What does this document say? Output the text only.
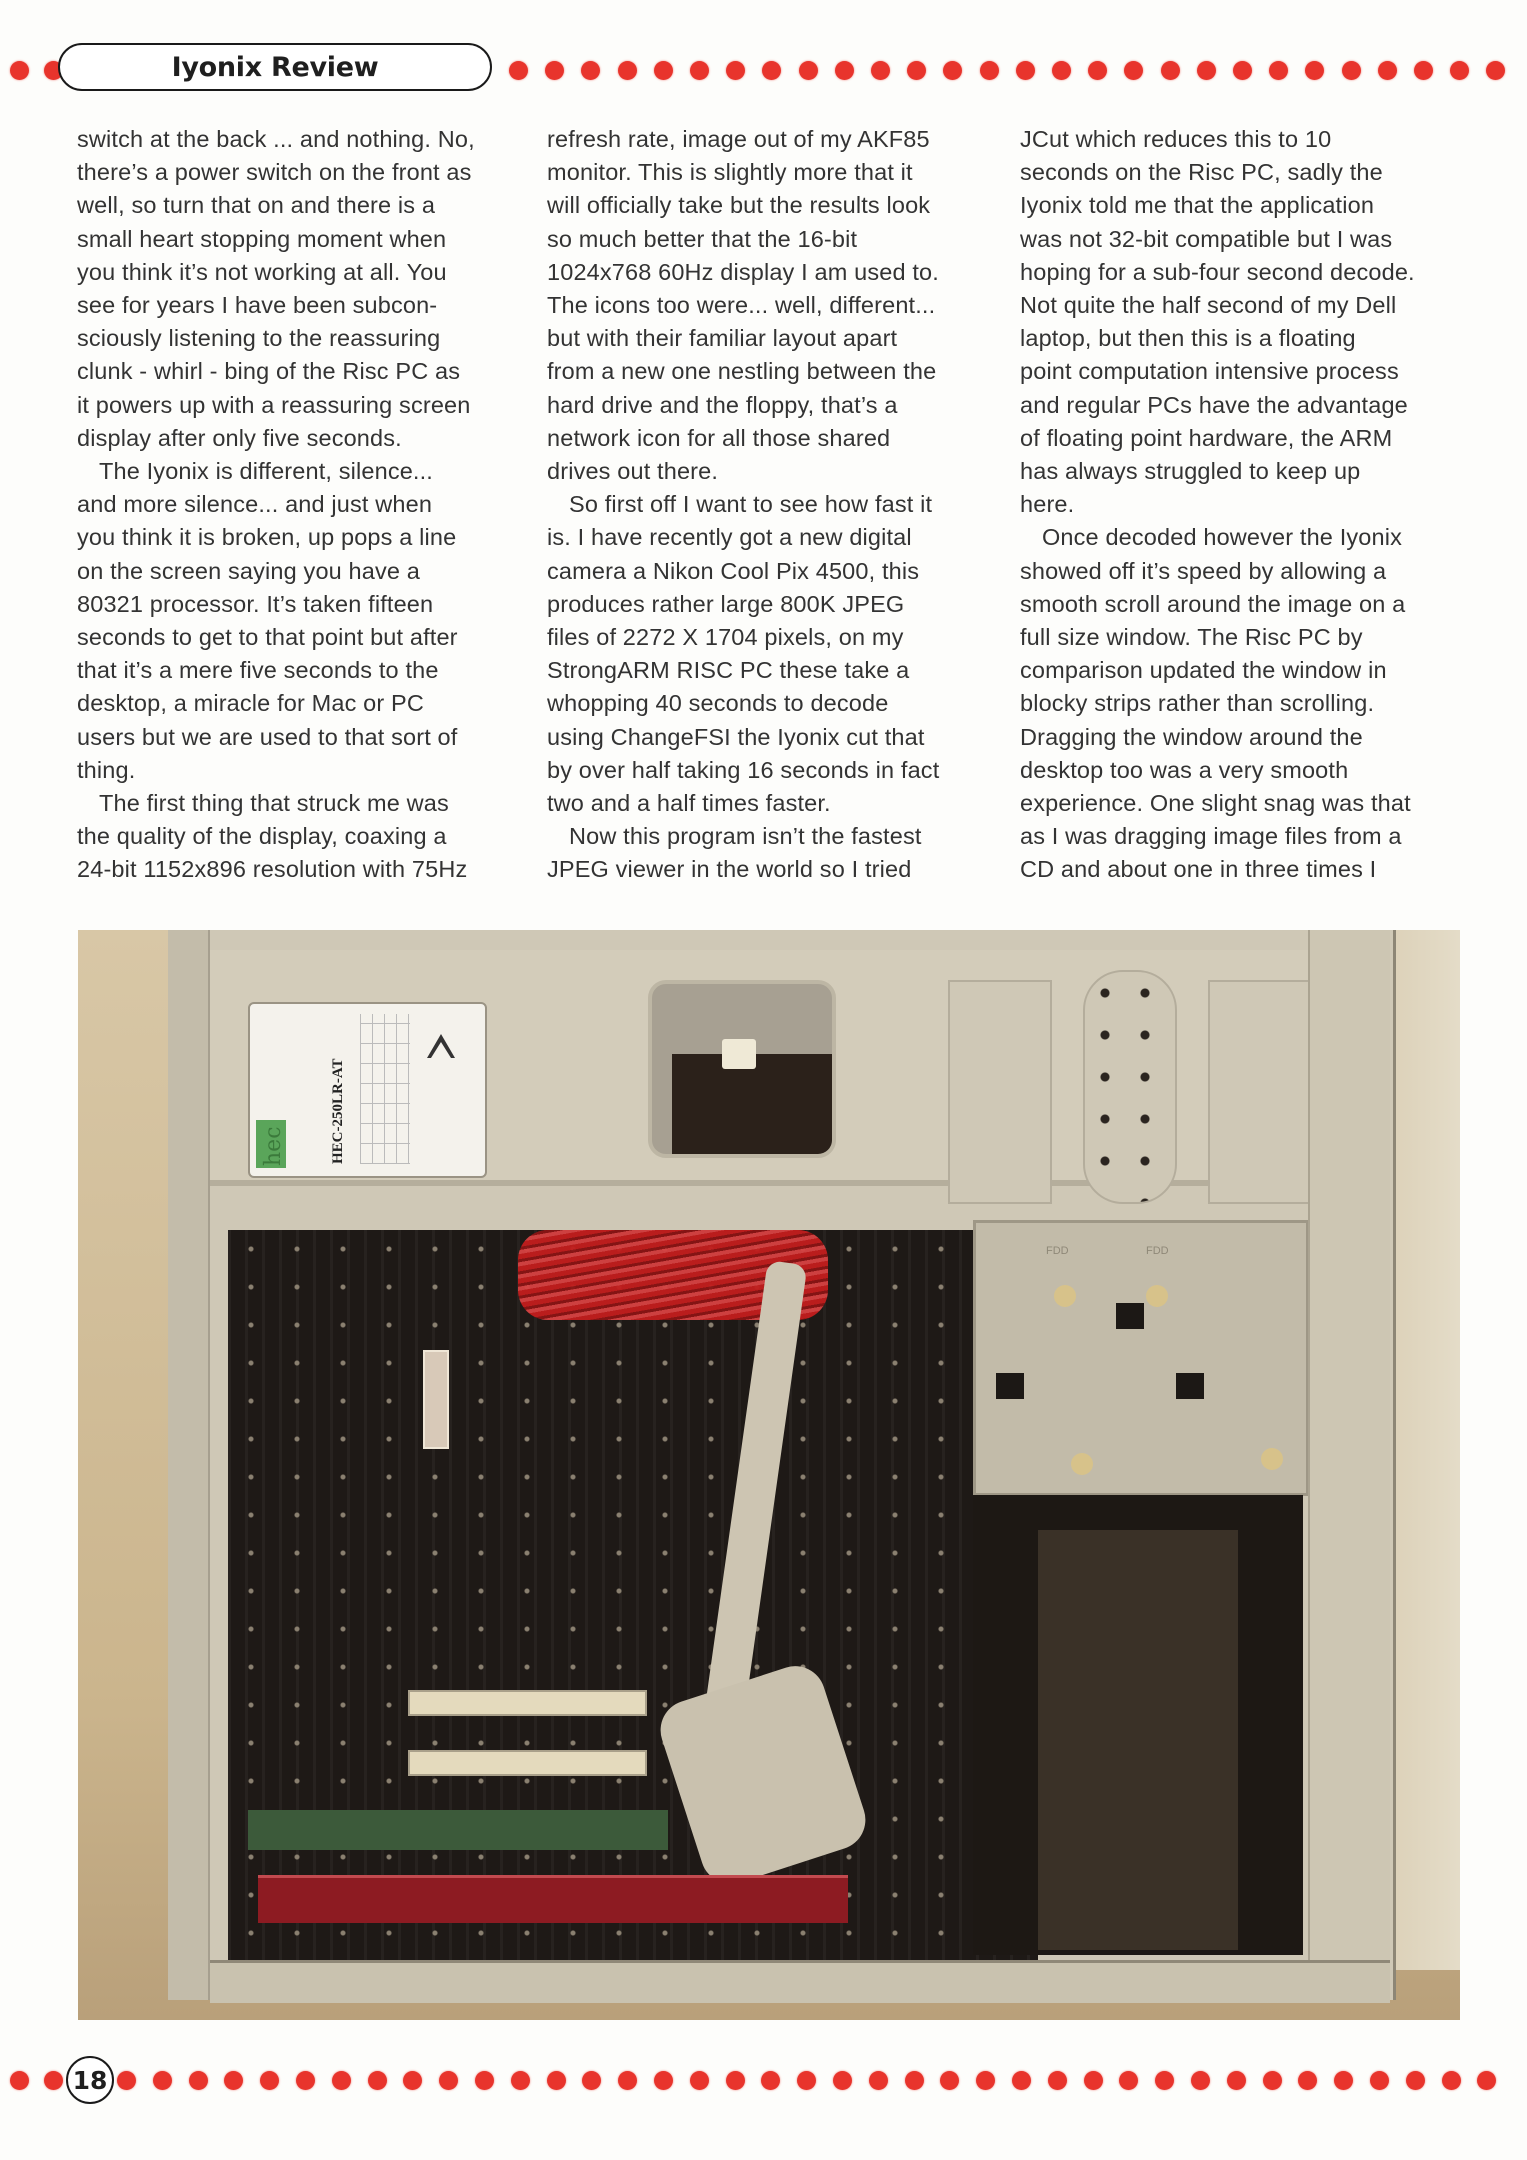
Iyonix Review
switch at the back ... and nothing. No,
there’s a power switch on the front as
well, so turn that on and there is a
small heart stopping moment when
you think it’s not working at all. You
see for years I have been subcon-
sciously listening to the reassuring
clunk - whirl - bing of the Risc PC as
it powers up with a reassuring screen
display after only five seconds.
The Iyonix is different, silence...
and more silence... and just when
you think it is broken, up pops a line
on the screen saying you have a
80321 processor. It’s taken fifteen
seconds to get to that point but after
that it’s a mere five seconds to the
desktop, a miracle for Mac or PC
users but we are used to that sort of
thing.
The first thing that struck me was
the quality of the display, coaxing a
24-bit 1152x896 resolution with 75Hz
refresh rate, image out of my AKF85
monitor. This is slightly more that it
will officially take but the results look
so much better that the 16-bit
1024x768 60Hz display I am used to.
The icons too were... well, different...
but with their familiar layout apart
from a new one nestling between the
hard drive and the floppy, that’s a
network icon for all those shared
drives out there.
So first off I want to see how fast it
is. I have recently got a new digital
camera a Nikon Cool Pix 4500, this
produces rather large 800K JPEG
files of 2272 X 1704 pixels, on my
StrongARM RISC PC these take a
whopping 40 seconds to decode
using ChangeFSI the Iyonix cut that
by over half taking 16 seconds in fact
two and a half times faster.
Now this program isn’t the fastest
JPEG viewer in the world so I tried
JCut which reduces this to 10
seconds on the Risc PC, sadly the
Iyonix told me that the application
was not 32-bit compatible but I was
hoping for a sub-four second decode.
Not quite the half second of my Dell
laptop, but then this is a floating
point computation intensive process
and regular PCs have the advantage
of floating point hardware, the ARM
has always struggled to keep up
here.
Once decoded however the Iyonix
showed off it’s speed by allowing a
smooth scroll around the image on a
full size window. The Risc PC by
comparison updated the window in
blocky strips rather than scrolling.
Dragging the window around the
desktop too was a very smooth
experience. One slight snag was that
as I was dragging image files from a
CD and about one in three times I
hec	HEC-250LR-AT
FDD	FDD
18
